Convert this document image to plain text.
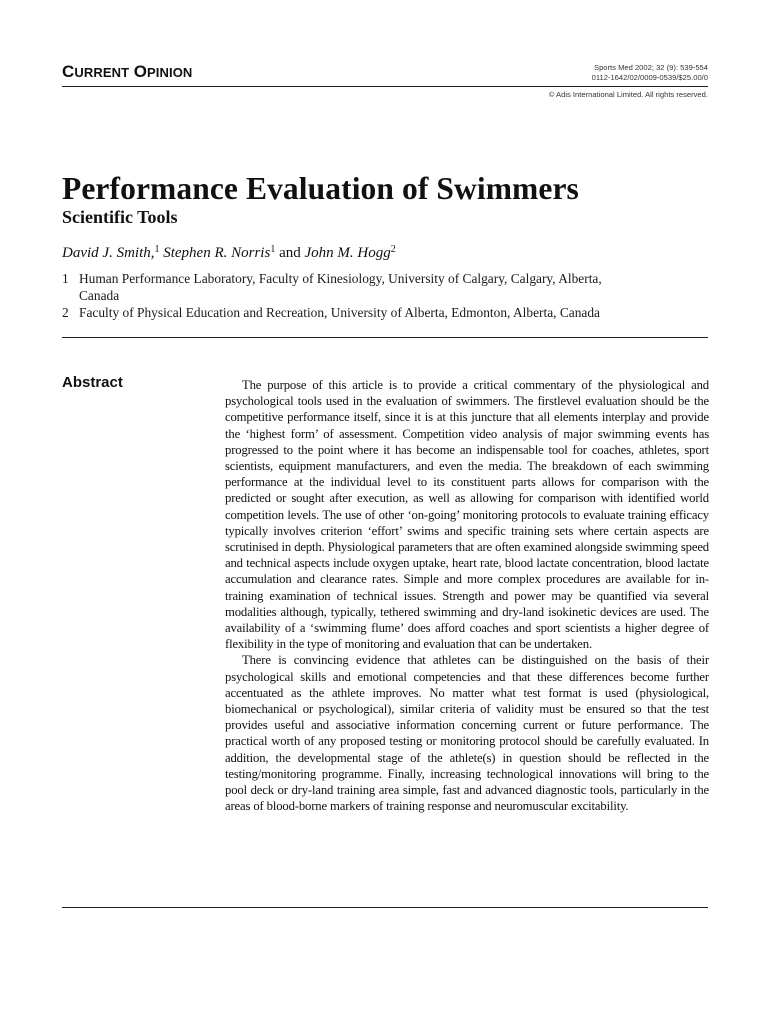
CURRENT OPINION	Sports Med 2002; 32 (9): 539-554
0112-1642/02/0009-0539/$25.00/0
© Adis International Limited. All rights reserved.
Performance Evaluation of Swimmers
Scientific Tools
David J. Smith,$^1$ Stephen R. Norris$^1$ and John M. Hogg$^2$
1 Human Performance Laboratory, Faculty of Kinesiology, University of Calgary, Calgary, Alberta, Canada
2 Faculty of Physical Education and Recreation, University of Alberta, Edmonton, Alberta, Canada
Abstract	The purpose of this article is to provide a critical commentary of the physiological and psychological tools used in the evaluation of swimmers. The firstlevel evaluation should be the competitive performance itself, since it is at this juncture that all elements interplay and provide the ‘highest form’ of assessment. Competition video analysis of major swimming events has progressed to the point where it has become an indispensable tool for coaches, athletes, sport scientists, equipment manufacturers, and even the media. The breakdown of each swimming performance at the individual level to its constituent parts allows for comparison with the predicted or sought after execution, as well as allowing for comparison with identified world competition levels. The use of other ‘on-going’ monitoring protocols to evaluate training efficacy typically involves criterion ‘effort’ swims and specific training sets where certain aspects are scrutinised in depth. Physiological parameters that are often examined alongside swimming speed and technical aspects include oxygen uptake, heart rate, blood lactate concentration, blood lactate accumulation and clearance rates. Simple and more complex procedures are available for in-training examination of technical issues. Strength and power may be quantified via several modalities although, typically, tethered swimming and dry-land isokinetic devices are used. The availability of a ‘swimming flume’ does afford coaches and sport scientists a higher degree of flexibility in the type of monitoring and evaluation that can be undertaken.

There is convincing evidence that athletes can be distinguished on the basis of their psychological skills and emotional competencies and that these differences become further accentuated as the athlete improves. No matter what test format is used (physiological, biomechanical or psychological), similar criteria of validity must be ensured so that the test provides useful and associative information concerning current or future performance. The practical worth of any proposed testing or monitoring protocol should be carefully evaluated. In addition, the developmental stage of the athlete(s) in question should be reflected in the testing/monitoring programme. Finally, increasing technological innovations will bring to the pool deck or dry-land training area simple, fast and advanced diagnostic tools, particularly in the areas of blood-borne markers of training response and neuromuscular excitability.
